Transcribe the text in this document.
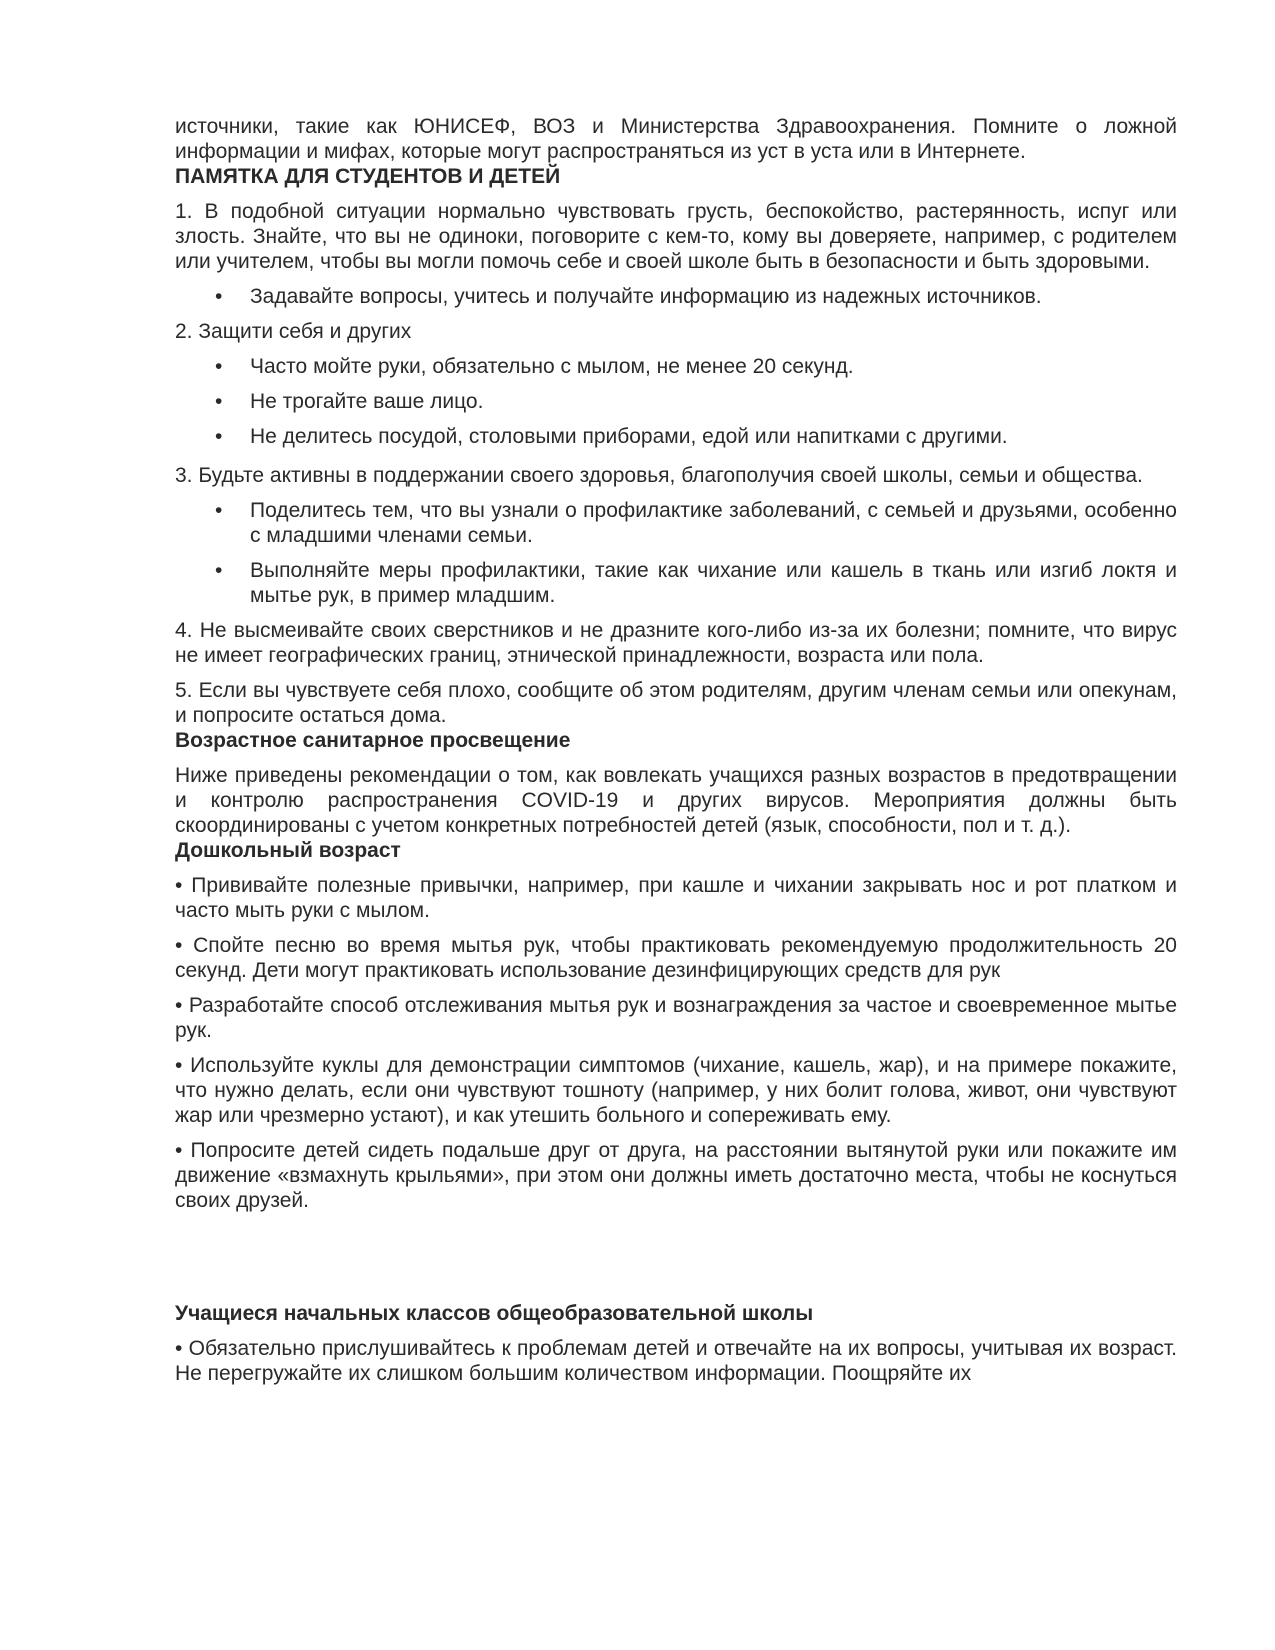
источники, такие как ЮНИСЕФ, ВОЗ и Министерства Здравоохранения. Помните о ложной информации и мифах, которые могут распространяться из уст в уста или в Интернете.

ПАМЯТКА ДЛЯ СТУДЕНТОВ И ДЕТЕЙ

1. В подобной ситуации нормально чувствовать грусть, беспокойство, растерянность, испуг или злость. Знайте, что вы не одиноки, поговорите с кем-то, кому вы доверяете, например, с родителем или учителем, чтобы вы могли помочь себе и своей школе быть в безопасности и быть здоровыми.

• Задавайте вопросы, учитесь и получайте информацию из надежных источников.

2. Защити себя и других

• Часто мойте руки, обязательно с мылом, не менее 20 секунд.
• Не трогайте ваше лицо.
• Не делитесь посудой, столовыми приборами, едой или напитками с другими.

3. Будьте активны в поддержании своего здоровья, благополучия своей школы, семьи и общества.

• Поделитесь тем, что вы узнали о профилактике заболеваний, с семьей и друзьями, особенно с младшими членами семьи.
• Выполняйте меры профилактики, такие как чихание или кашель в ткань или изгиб локтя и мытье рук, в пример младшим.

4. Не высмеивайте своих сверстников и не дразните кого-либо из-за их болезни; помните, что вирус не имеет географических границ, этнической принадлежности, возраста или пола.

5. Если вы чувствуете себя плохо, сообщите об этом родителям, другим членам семьи или опекунам, и попросите остаться дома.

Возрастное санитарное просвещение

Ниже приведены рекомендации о том, как вовлекать учащихся разных возрастов в предотвращении и контролю распространения COVID-19 и других вирусов. Мероприятия должны быть скоординированы с учетом конкретных потребностей детей (язык, способности, пол и т. д.).

Дошкольный возраст

• Прививайте полезные привычки, например, при кашле и чихании закрывать нос и рот платком и часто мыть руки с мылом.

• Спойте песню во время мытья рук, чтобы практиковать рекомендуемую продолжительность 20 секунд. Дети могут практиковать использование дезинфицирующих средств для рук

• Разработайте способ отслеживания мытья рук и вознаграждения за частое и своевременное мытье рук.

• Используйте куклы для демонстрации симптомов (чихание, кашель, жар), и на примере покажите, что нужно делать, если они чувствуют тошноту (например, у них болит голова, живот, они чувствуют жар или чрезмерно устают), и как утешить больного и сопереживать ему.

• Попросите детей сидеть подальше друг от друга, на расстоянии вытянутой руки или покажите им движение «взмахнуть крыльями», при этом они должны иметь достаточно места, чтобы не коснуться своих друзей.

Учащиеся начальных классов общеобразовательной школы

• Обязательно прислушивайтесь к проблемам детей и отвечайте на их вопросы, учитывая их возраст. Не перегружайте их слишком большим количеством информации. Поощряйте их
